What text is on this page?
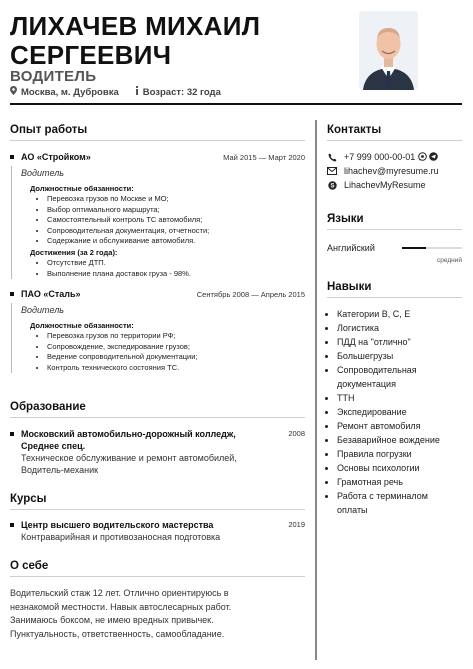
ЛИХАЧЕВ МИХАИЛ
СЕРГЕЕВИЧ
ВОДИТЕЛЬ
Москва, м. Дубровка	Возраст: 32 года
Опыт работы
АО «Стройком»	Май 2015 — Март 2020
Водитель
Должностные обязанности:
• Перевозка грузов по Москве и МО;
• Выбор оптимального маршрута;
• Самостоятельный контроль ТС автомобиля;
• Сопроводительная документация, отчетности;
• Содержание и обслуживание автомобиля.
Достижения (за 2 года):
• Отсутствие ДТП.
• Выполнение плана доставок груза - 98%.
ПАО «Сталь»	Сентябрь 2008 — Апрель 2015
Водитель
Должностные обязанности:
• Перевозка грузов по территории РФ;
• Сопровождение, экспедирование грузов;
• Ведение сопроводительной документации;
• Контроль технического состояния ТС.
Образование
Московский автомобильно-дорожный колледж,
Среднее спец.
Техническое обслуживание и ремонт автомобилей,
Водитель-механик
2008
Курсы
Центр высшего водительского мастерства
Контраварийная и противозаносная подготовка
2019
О себе
Водительский стаж 12 лет. Отлично ориентируюсь в
незнакомой местности. Навык автослесарных работ.
Занимаюсь боксом, не имею вредных привычек.
Пунктуальность, ответственность, самообладание.
Контакты
+7 999 000-00-01
lihachev@myresume.ru
S LihachevMyResume
Языки
Английский
средний
Навыки
• Категории B, C, E
• Логистика
• ПДД на "отлично"
• Большегрузы
• Сопроводительная
документация
• ТТН
• Экспедирование
• Ремонт автомобиля
• Безаварийное вождение
• Правила погрузки
• Основы психологии
• Грамотная речь
• Работа с терминалом
оплаты
